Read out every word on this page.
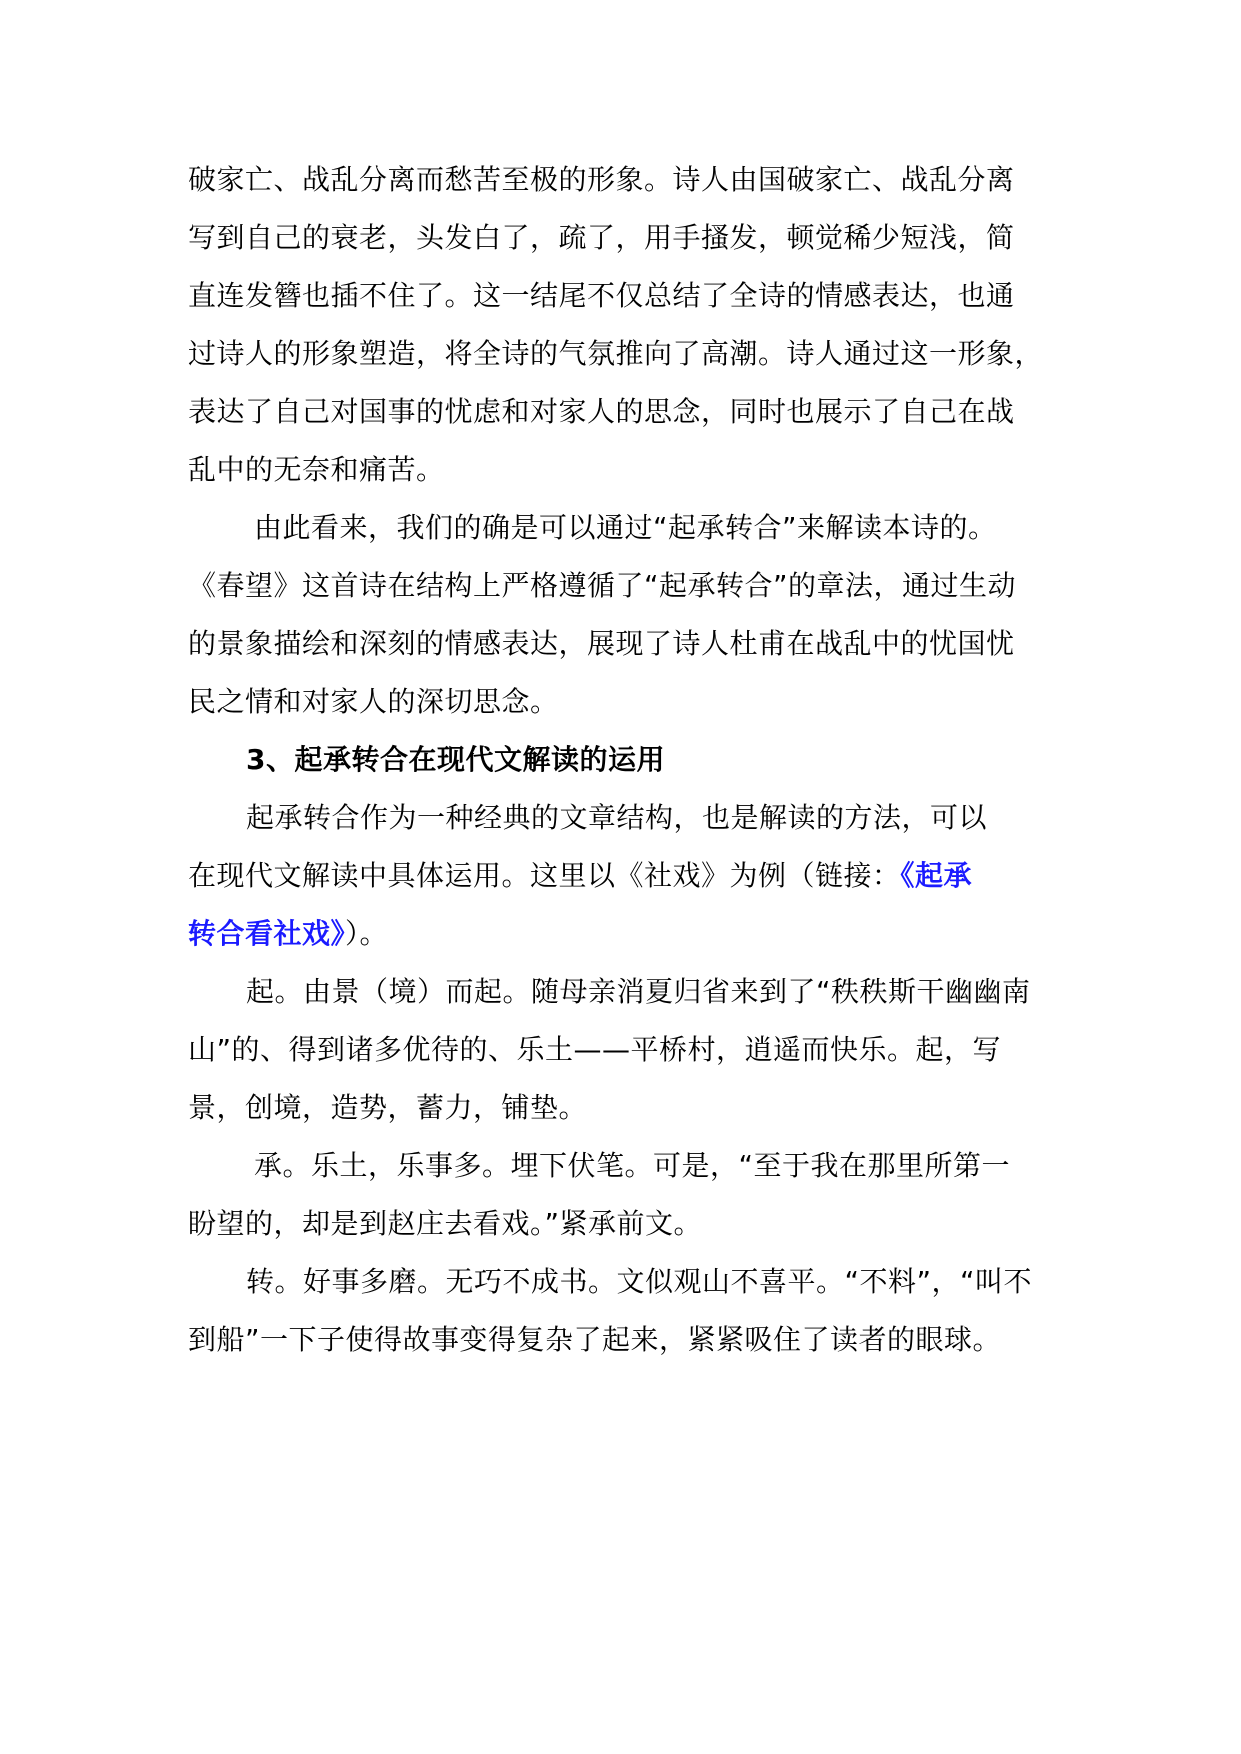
破家亡、战乱分离而愁苦至极的形象。诗人由国破家亡、战乱分离
写到自己的衰老，头发白了，疏了，用手搔发，顿觉稀少短浅，简
直连发簪也插不住了。这一结尾不仅总结了全诗的情感表达，也通
过诗人的形象塑造，将全诗的气氛推向了高潮。诗人通过这一形象，
表达了自己对国事的忧虑和对家人的思念，同时也展示了自己在战
乱中的无奈和痛苦。
由此看来，我们的确是可以通过“起承转合”来解读本诗的。
《春望》这首诗在结构上严格遵循了“起承转合”的章法，通过生动
的景象描绘和深刻的情感表达，展现了诗人杜甫在战乱中的忧国忧
民之情和对家人的深切思念。
3、起承转合在现代文解读的运用
起承转合作为一种经典的文章结构，也是解读的方法，可以
在现代文解读中具体运用。这里以《社戏》为例（链接：《起承
转合看社戏》）。
起。由景（境）而起。随母亲消夏归省来到了“秩秩斯干幽幽南
山”的、得到诸多优待的、乐土——平桥村，逍遥而快乐。起，写
景，创境，造势，蓄力，铺垫。
承。乐土，乐事多。埋下伏笔。可是，“至于我在那里所第一
盼望的，却是到赵庄去看戏。”紧承前文。
转。好事多磨。无巧不成书。文似观山不喜平。“不料”，“叫不
到船”一下子使得故事变得复杂了起来，紧紧吸住了读者的眼球。
